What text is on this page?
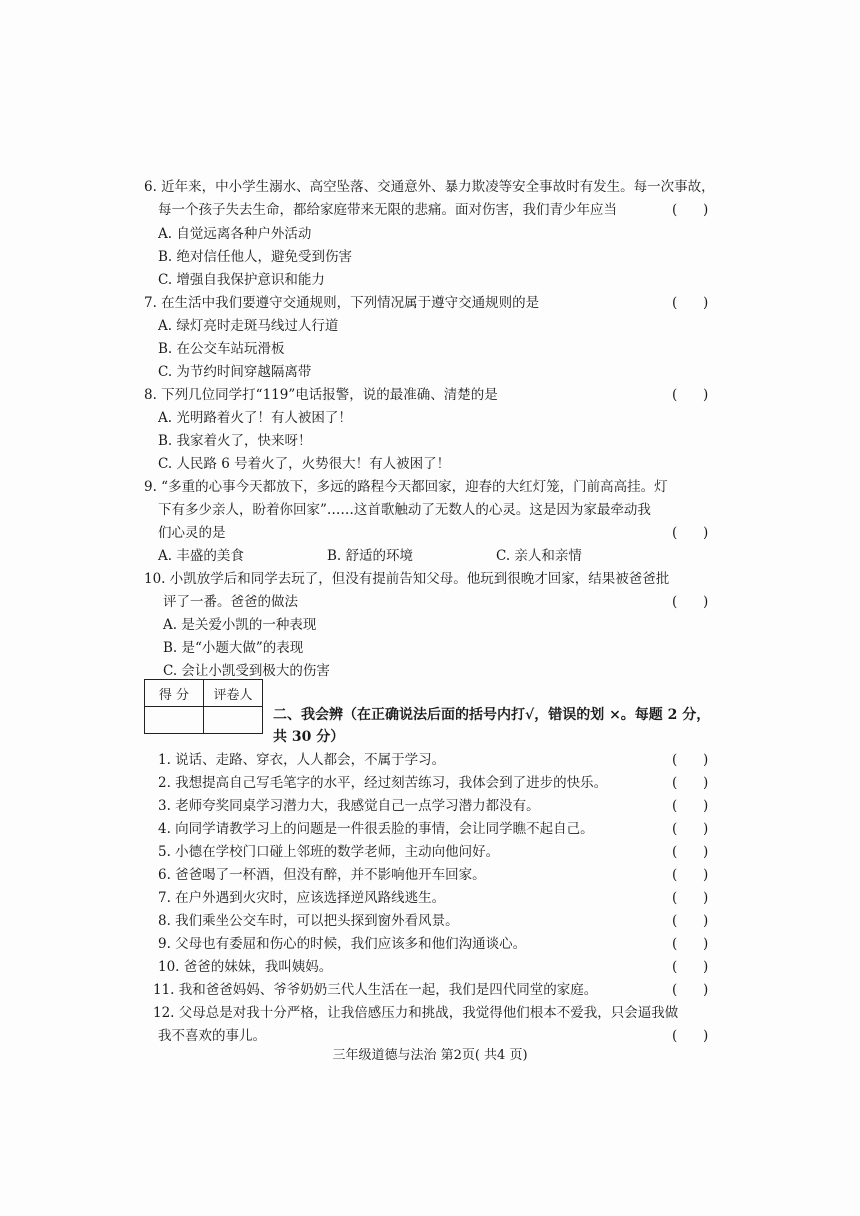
6. 近年来，中小学生溺水、高空坠落、交通意外、暴力欺凌等安全事故时有发生。每一次事故，
每一个孩子失去生命，都给家庭带来无限的悲痛。面对伤害，我们青少年应当	(      )
A. 自觉远离各种户外活动
B. 绝对信任他人，避免受到伤害
C. 增强自我保护意识和能力
7. 在生活中我们要遵守交通规则，下列情况属于遵守交通规则的是	(      )
A. 绿灯亮时走斑马线过人行道
B. 在公交车站玩滑板
C. 为节约时间穿越隔离带
8. 下列几位同学打“119”电话报警，说的最准确、清楚的是	(      )
A. 光明路着火了！有人被困了！
B. 我家着火了，快来呀！
C. 人民路 6 号着火了，火势很大！有人被困了！
9. “多重的心事今天都放下，多远的路程今天都回家，迎春的大红灯笼，门前高高挂。灯
下有多少亲人，盼着你回家”……这首歌触动了无数人的心灵。这是因为家最牵动我
们心灵的是	(      )
A. 丰盛的美食	B. 舒适的环境	C. 亲人和亲情
10. 小凯放学后和同学去玩了，但没有提前告知父母。他玩到很晚才回家，结果被爸爸批
评了一番。爸爸的做法	(      )
A. 是关爱小凯的一种表现
B. 是“小题大做”的表现
C. 会让小凯受到极大的伤害
得 分	评卷人

二、我会辨（在正确说法后面的括号内打√，错误的划 ×。每题 2 分，共 30 分）
1. 说话、走路、穿衣，人人都会，不属于学习。	(      )
2. 我想提高自己写毛笔字的水平，经过刻苦练习，我体会到了进步的快乐。	(      )
3. 老师夸奖同桌学习潜力大，我感觉自己一点学习潜力都没有。	(      )
4. 向同学请教学习上的问题是一件很丢脸的事情，会让同学瞧不起自己。	(      )
5. 小德在学校门口碰上邻班的数学老师，主动向他问好。	(      )
6. 爸爸喝了一杯酒，但没有醉，并不影响他开车回家。	(      )
7. 在户外遇到火灾时，应该选择逆风路线逃生。	(      )
8. 我们乘坐公交车时，可以把头探到窗外看风景。	(      )
9. 父母也有委屈和伤心的时候，我们应该多和他们沟通谈心。	(      )
10. 爸爸的妹妹，我叫姨妈。	(      )
11. 我和爸爸妈妈、爷爷奶奶三代人生活在一起，我们是四代同堂的家庭。	(      )
12. 父母总是对我十分严格，让我倍感压力和挑战，我觉得他们根本不爱我，只会逼我做
我不喜欢的事儿。	(      )
三年级道德与法治 第2页( 共4 页)
